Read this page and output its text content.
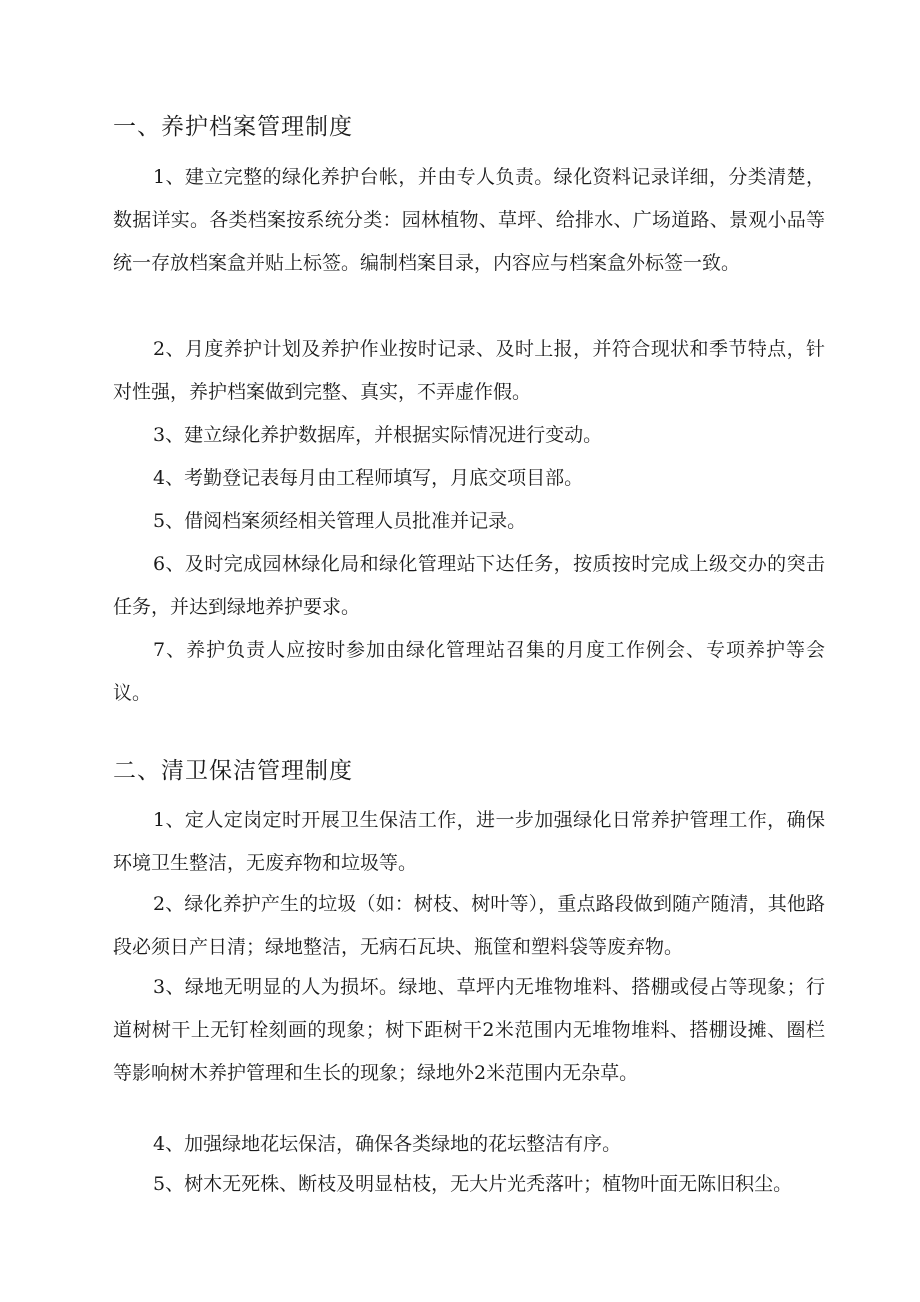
一、养护档案管理制度
1、建立完整的绿化养护台帐，并由专人负责。绿化资料记录详细，分类清楚，数据详实。各类档案按系统分类：园林植物、草坪、给排水、广场道路、景观小品等统一存放档案盒并贴上标签。编制档案目录，内容应与档案盒外标签一致。
2、月度养护计划及养护作业按时记录、及时上报，并符合现状和季节特点，针对性强，养护档案做到完整、真实，不弄虚作假。
3、建立绿化养护数据库，并根据实际情况进行变动。
4、考勤登记表每月由工程师填写，月底交项目部。
5、借阅档案须经相关管理人员批准并记录。
6、及时完成园林绿化局和绿化管理站下达任务，按质按时完成上级交办的突击任务，并达到绿地养护要求。
7、养护负责人应按时参加由绿化管理站召集的月度工作例会、专项养护等会议。
二、清卫保洁管理制度
1、定人定岗定时开展卫生保洁工作，进一步加强绿化日常养护管理工作，确保环境卫生整洁，无废弃物和垃圾等。
2、绿化养护产生的垃圾（如：树枝、树叶等），重点路段做到随产随清，其他路段必须日产日清；绿地整洁，无病石瓦块、瓶筐和塑料袋等废弃物。
3、绿地无明显的人为损坏。绿地、草坪内无堆物堆料、搭棚或侵占等现象；行道树树干上无钉栓刻画的现象；树下距树干2米范围内无堆物堆料、搭棚设摊、圈栏等影响树木养护管理和生长的现象；绿地外2米范围内无杂草。
4、加强绿地花坛保洁，确保各类绿地的花坛整洁有序。
5、树木无死株、断枝及明显枯枝，无大片光秃落叶；植物叶面无陈旧积尘。
